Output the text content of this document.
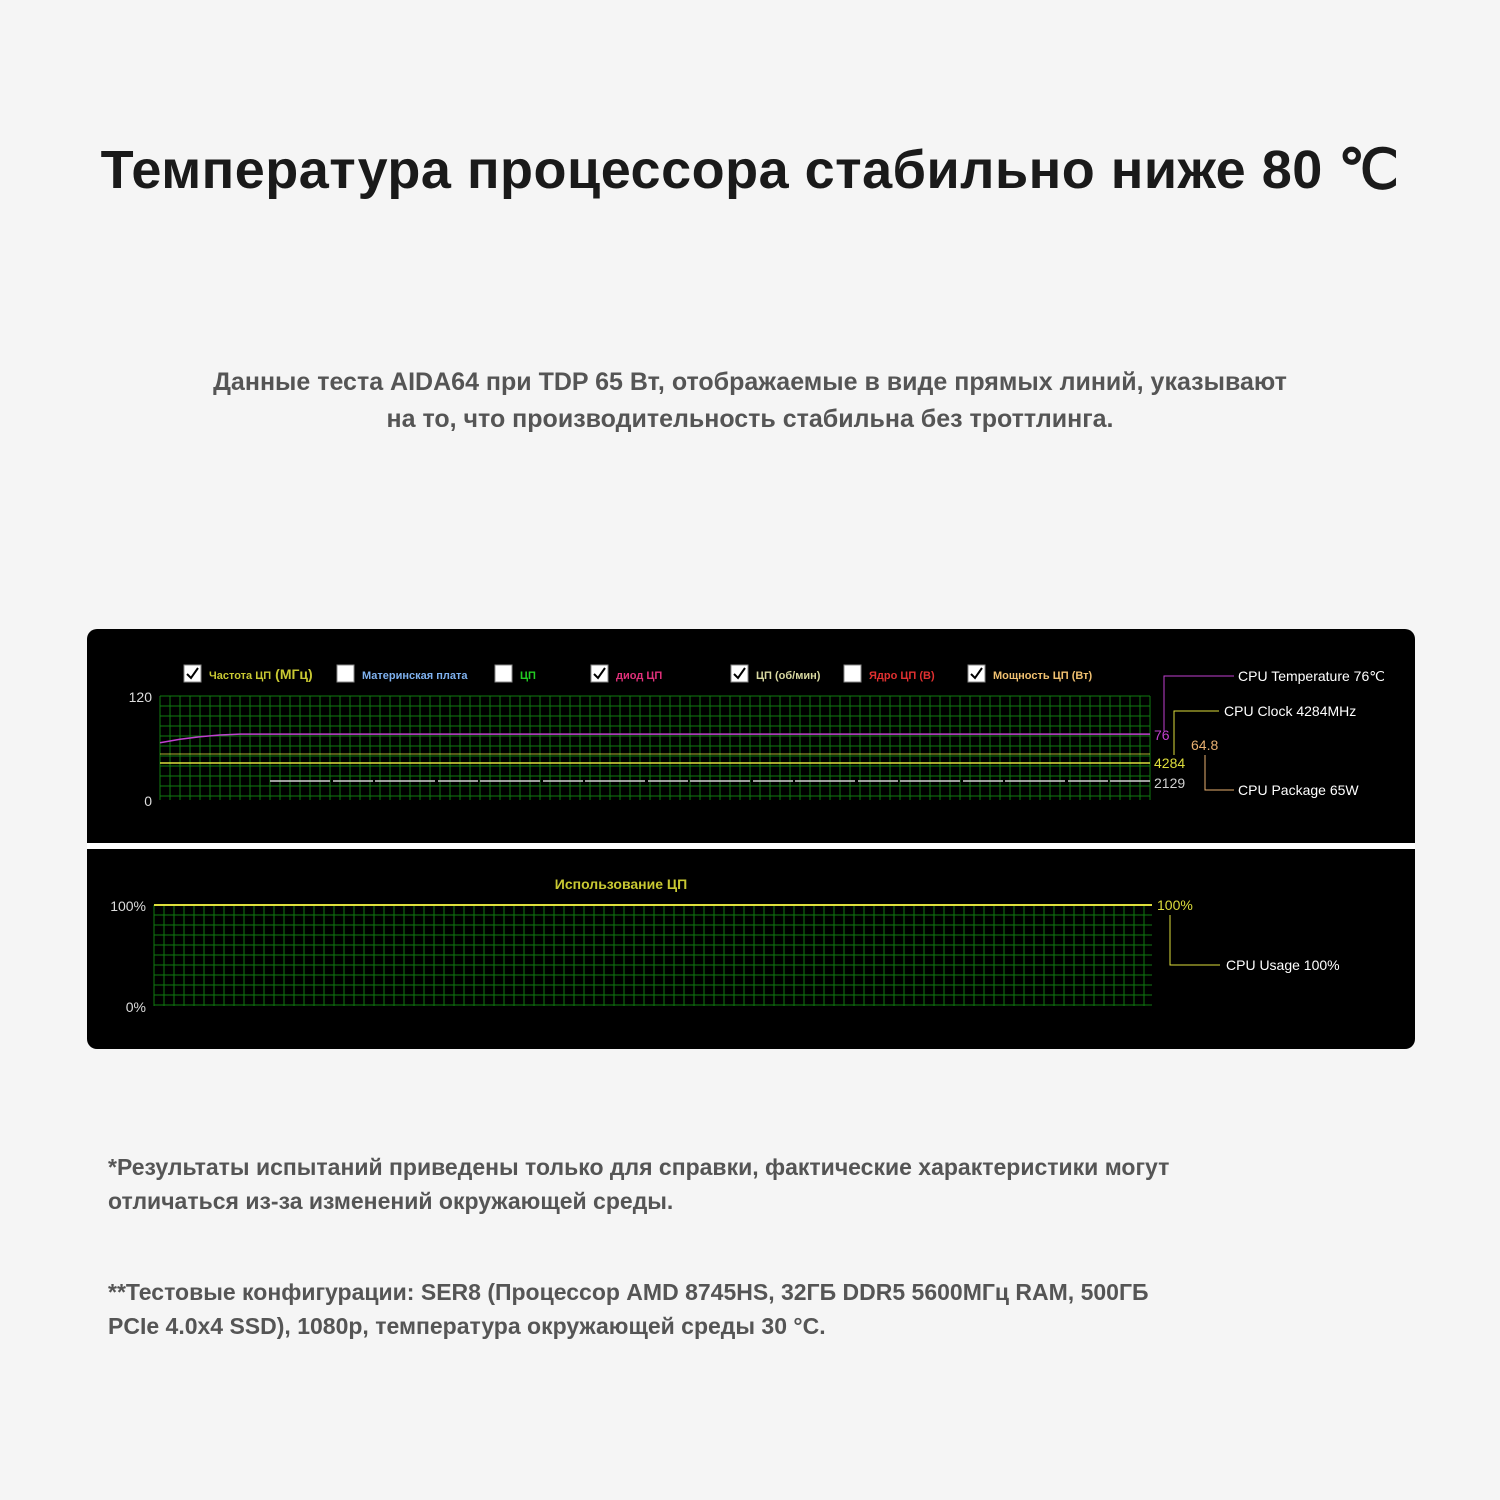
Температура процессора стабильно ниже 80 ℃

Данные теста AIDA64 при TDP 65 Вт, отображаемые в виде прямых линий, указывают

на то, что производительность стабильна без троттлинга.

Частота ЦП (МГц)	Материнская плата	ЦП	диод ЦП	ЦП (об/мин)	Ядро ЦП (В)	Мощность ЦП (Вт)
120
0
76
4284
64.8
2129
CPU Temperature 76℃
CPU Clock 4284MHz
CPU Package 65W
Использование ЦП
100%
0%
100%
CPU Usage 100%

*Результаты испытаний приведены только для справки, фактические характеристики могут
отличаться из-за изменений окружающей среды.

**Тестовые конфигурации: SER8 (Процессор AMD 8745HS, 32ГБ DDR5 5600МГц RAM, 500ГБ
PCIe 4.0x4 SSD), 1080p, температура окружающей среды 30 °C.
